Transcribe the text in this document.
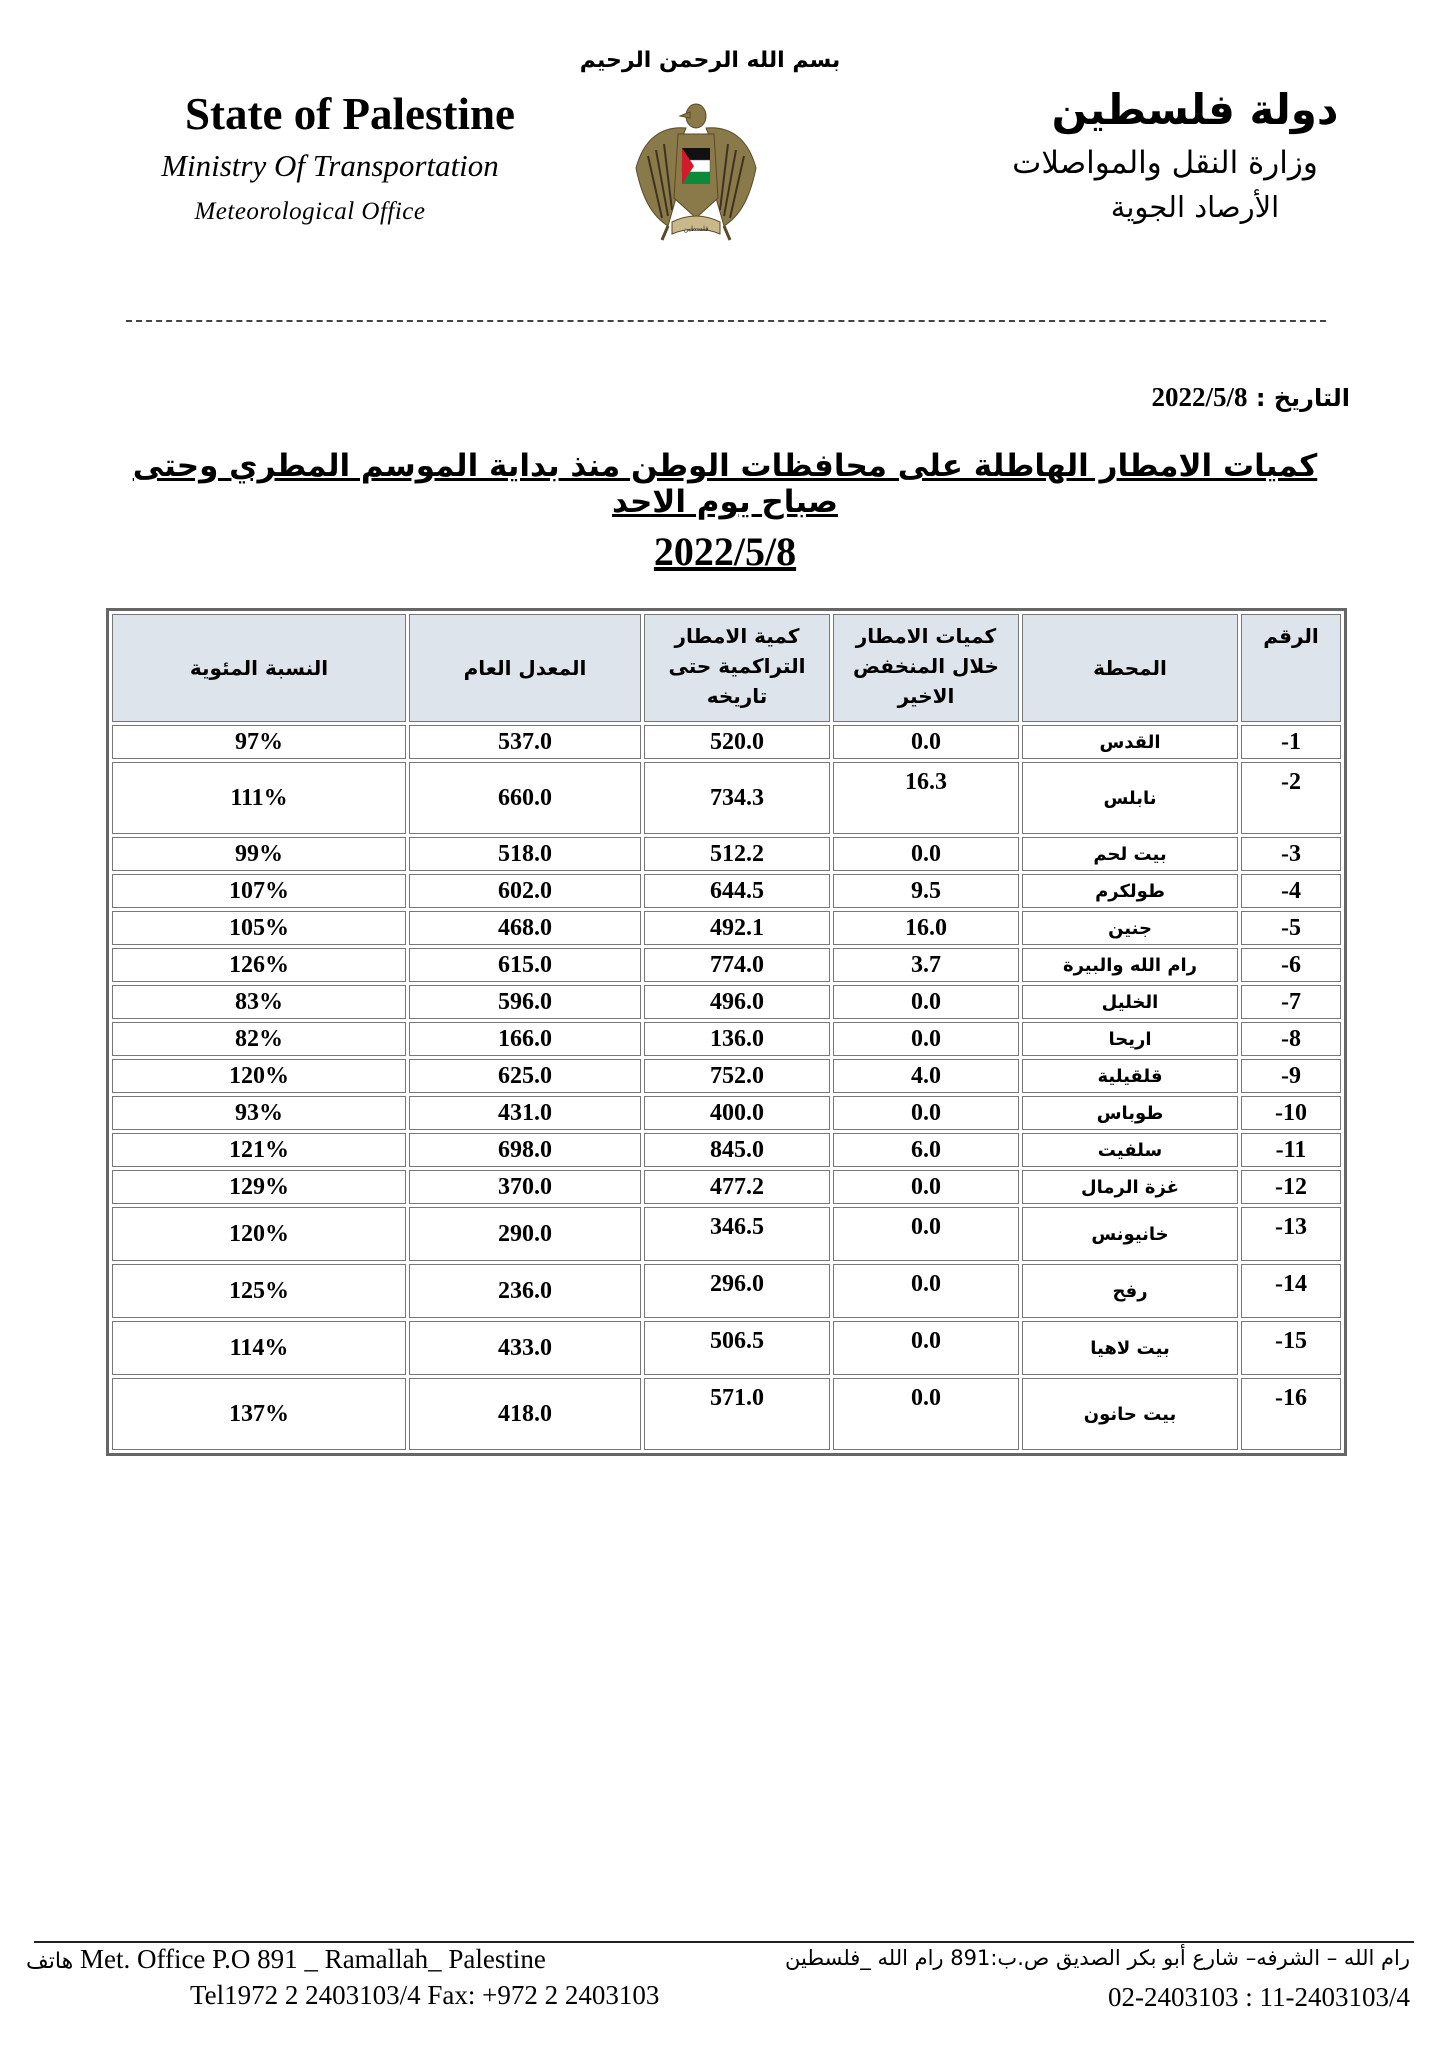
بسم الله الرحمن الرحيم
State of Palestine
Ministry Of Transportation
Meteorological Office
دولة فلسطين
وزارة النقل والمواصلات
الأرصاد الجوية
فلسطين
التاريخ : 2022/5/8
كميات الامطار الهاطلة على محافظات الوطن منذ بداية الموسم المطري وحتى صباح يوم الاحد
2022/5/8
النسبة المئوية	المعدل العام	كمية الامطار التراكمية حتى تاريخه	كميات الامطار خلال المنخفض الاخير	المحطة	الرقم
97%	537.0	520.0	0.0	القدس	-1
111%	660.0	734.3	16.3	نابلس	-2
99%	518.0	512.2	0.0	بيت لحم	-3
107%	602.0	644.5	9.5	طولكرم	-4
105%	468.0	492.1	16.0	جنين	-5
126%	615.0	774.0	3.7	رام الله والبيرة	-6
83%	596.0	496.0	0.0	الخليل	-7
82%	166.0	136.0	0.0	اريحا	-8
120%	625.0	752.0	4.0	قلقيلية	-9
93%	431.0	400.0	0.0	طوباس	-10
121%	698.0	845.0	6.0	سلفيت	-11
129%	370.0	477.2	0.0	غزة الرمال	-12
120%	290.0	346.5	0.0	خانيونس	-13
125%	236.0	296.0	0.0	رفح	-14
114%	433.0	506.5	0.0	بيت لاهيا	-15
137%	418.0	571.0	0.0	بيت حانون	-16
هاتف Met. Office P.O 891 _ Ramallah_ Palestine
Tel1972 2 2403103/4 Fax: +972 2 2403103
رام الله – الشرفه– شارع أبو بكر الصديق ص.ب:891 رام الله _فلسطين
02-2403103 : 11-2403103/4
